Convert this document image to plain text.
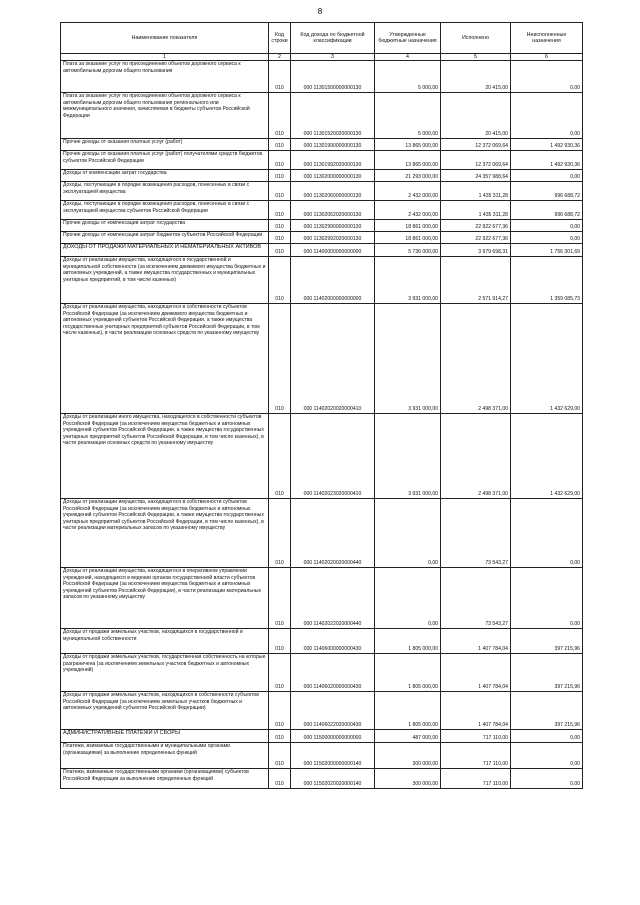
8
Наименование показателя	Код строки	Код дохода по бюджетной классификации	Утвержденные бюджетные назначения	Исполнено	Неисполненные назначения
1	2	3	4	5	6
Плата за оказание услуг по присоединению объектов дорожного сервиса к автомобильным дорогам общего пользования	010	000 11301500000000130	5 000,00	20 415,00	0,00
Плата за оказание услуг по присоединению объектов дорожного сервиса к автомобильным дорогам общего пользования регионального или межмуниципального значения, зачисляемая в бюджеты субъектов Российской Федерации	010	000 11301520020000130	5 000,00	20 415,00	0,00
Прочие доходы от оказания платных услуг (работ)	010	000 11301990000000130	13 865 000,00	12 372 069,64	1 492 930,36
Прочие доходы от оказания платных услуг (работ) получателями средств бюджетов субъектов Российской Федерации	010	000 11301992020000130	13 865 000,00	12 372 069,64	1 492 930,36
Доходы от компенсации затрат государства	010	000 11302000000000130	21 293 000,00	24 357 988,64	0,00
Доходы, поступающие в порядке возмещения расходов, понесенных в связи с эксплуатацией имущества	010	000 11302060000000130	2 432 000,00	1 435 311,28	996 688,72
Доходы, поступающие в порядке возмещения расходов, понесенных в связи с эксплуатацией имущества субъектов Российской Федерации	010	000 11302062020000130	2 432 000,00	1 435 311,28	996 688,72
Прочие доходы от компенсации затрат государства	010	000 11302990000000130	18 861 000,00	22 922 677,36	0,00
Прочие доходы от компенсации затрат бюджетов субъектов Российской Федерации	010	000 11302992020000130	18 861 000,00	22 922 677,36	0,00
ДОХОДЫ ОТ ПРОДАЖИ МАТЕРИАЛЬНЫХ И НЕМАТЕРИАЛЬНЫХ АКТИВОВ	010	000 11400000000000000	5 736 000,00	3 979 698,31	1 756 301,69
Доходы от реализации имущества, находящегося в государственной и муниципальной собственности (за исключением движимого имущества бюджетных и автономных учреждений, а также имущества государственных и муниципальных унитарных предприятий, в том числе казенных)	010	000 11402000000000000	3 931 000,00	2 571 914,27	1 359 085,73
Доходы от реализации имущества, находящегося в собственности субъектов Российской Федерации (за исключением движимого имущества бюджетных и автономных учреждений субъектов Российской Федерации, а также имущества государственных унитарных предприятий субъектов Российской Федерации, в том числе казенных), в части реализации основных средств по указанному имуществу	010	000 11402020020000410	3 931 000,00	2 498 371,00	1 432 629,00
Доходы от реализации иного имущества, находящегося в собственности субъектов Российской Федерации (за исключением имущества бюджетных и автономных учреждений субъектов Российской Федерации, а также имущества государственных унитарных предприятий субъектов Российской Федерации, в том числе казенных), в части реализации основных средств по указанному имуществу	010	000 11402023020000410	3 931 000,00	2 498 371,00	1 432 629,00
Доходы от реализации имущества, находящегося в собственности субъектов Российской Федерации (за исключением имущества бюджетных и автономных учреждений субъектов Российской Федерации, а также имущества государственных унитарных предприятий субъектов Российской Федерации, в том числе казенных), в части реализации материальных запасов по указанному имуществу	010	000 11402020020000440	0,00	73 543,27	0,00
Доходы от реализации имущества, находящегося в оперативном управлении учреждений, находящихся в ведении органов государственной власти субъектов Российской Федерации (за исключением имущества бюджетных и автономных учреждений субъектов Российской Федерации), в части реализации материальных запасов по указанному имуществу	010	000 11402022020000440	0,00	73 543,27	0,00
Доходы от продажи земельных участков, находящихся в государственной и муниципальной собственности	010	000 11406000000000430	1 805 000,00	1 407 784,04	397 215,96
Доходы от продажи земельных участков, государственная собственность на которые разграничена (за исключением земельных участков бюджетных и автономных учреждений)	010	000 11406020000000430	1 805 000,00	1 407 784,04	397 215,96
Доходы от продажи земельных участков, находящихся в собственности субъектов Российской Федерации (за исключением земельных участков бюджетных и автономных учреждений субъектов Российской Федерации)	010	000 11406022020000430	1 805 000,00	1 407 784,04	397 215,96
АДМИНИСТРАТИВНЫЕ ПЛАТЕЖИ И СБОРЫ	010	000 11500000000000000	487 000,00	717 110,00	0,00
Платежи, взимаемые государственными и муниципальными органами (организациями) за выполнение определенных функций	010	000 11502000000000140	300 000,00	717 110,00	0,00
Платежи, взимаемые государственными органами (организациями) субъектов Российской Федерации за выполнение определенных функций	010	000 11502020020000140	300 000,00	717 110,00	0,00
